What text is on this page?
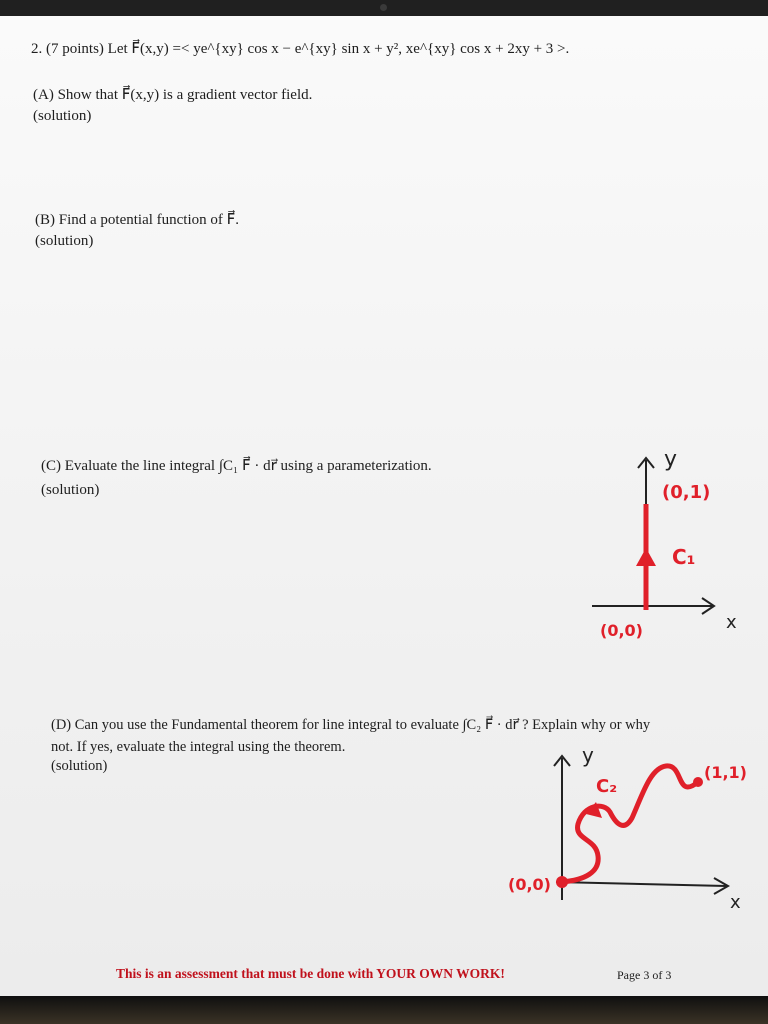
2. (7 points) Let F⃗(x,y) =< ye^{xy} cos x − e^{xy} sin x + y², xe^{xy} cos x + 2xy + 3 >.
(A) Show that F⃗(x,y) is a gradient vector field.
(solution)
(B) Find a potential function of F⃗.
(solution)
(C) Evaluate the line integral ∫C₁ F⃗ · dr⃗ using a parameterization.
(solution)
y
x
C₁
(0,1)
(0,0)
(D) Can you use the Fundamental theorem for line integral to evaluate ∫C₂ F⃗ · dr⃗ ? Explain why or why
not. If yes, evaluate the integral using the theorem.
(solution)	y
x
C₂
(1,1)
(0,0)
This is an assessment that must be done with YOUR OWN WORK!	Page 3 of 3
